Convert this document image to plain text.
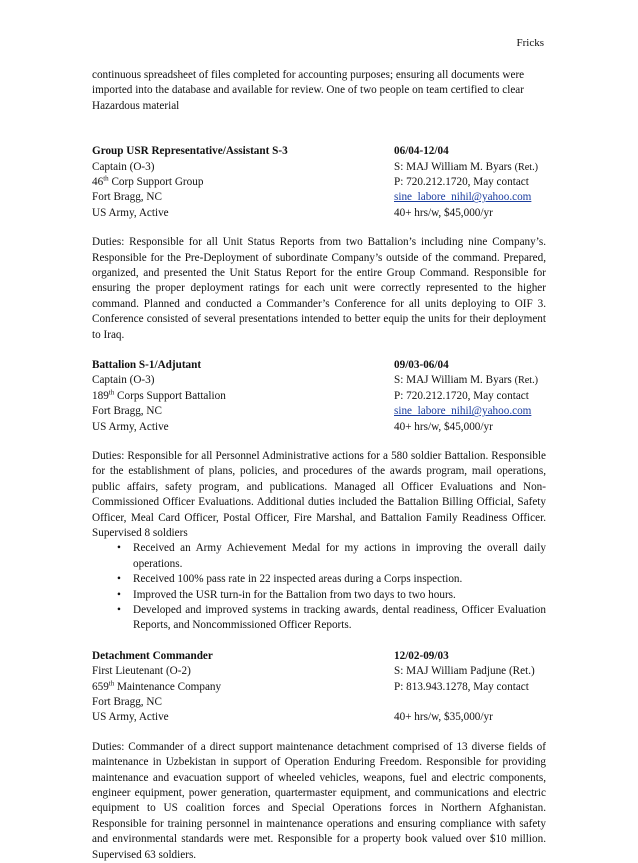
Fricks

continuous spreadsheet of files completed for accounting purposes; ensuring all documents were imported into the database and available for review. One of two people on team certified to clear Hazardous material

Group USR Representative/Assistant S-3	06/04-12/04
Captain (O-3)	S: MAJ William M. Byars (Ret.)
46th Corp Support Group	P: 720.212.1720, May contact
Fort Bragg, NC	sine_labore_nihil@yahoo.com
US Army, Active	40+ hrs/w, $45,000/yr

Duties: Responsible for all Unit Status Reports from two Battalion’s including nine Company’s. Responsible for the Pre-Deployment of subordinate Company’s outside of the command. Prepared, organized, and presented the Unit Status Report for the entire Group Command. Responsible for ensuring the proper deployment ratings for each unit were correctly represented to the higher command. Planned and conducted a Commander’s Conference for all units deploying to OIF 3. Conference consisted of several presentations intended to better equip the units for their deployment to Iraq.

Battalion S-1/Adjutant	09/03-06/04
Captain (O-3)	S: MAJ William M. Byars (Ret.)
189th Corps Support Battalion	P: 720.212.1720, May contact
Fort Bragg, NC	sine_labore_nihil@yahoo.com
US Army, Active	40+ hrs/w, $45,000/yr

Duties: Responsible for all Personnel Administrative actions for a 580 soldier Battalion. Responsible for the establishment of plans, policies, and procedures of the awards program, mail operations, public affairs, safety program, and publications. Managed all Officer Evaluations and Non-Commissioned Officer Evaluations. Additional duties included the Battalion Billing Official, Safety Officer, Meal Card Officer, Postal Officer, Fire Marshal, and Battalion Family Readiness Officer. Supervised 8 soldiers

• Received an Army Achievement Medal for my actions in improving the overall daily operations.
• Received 100% pass rate in 22 inspected areas during a Corps inspection.
• Improved the USR turn-in for the Battalion from two days to two hours.
• Developed and improved systems in tracking awards, dental readiness, Officer Evaluation Reports, and Noncommissioned Officer Reports.
Detachment Commander	12/02-09/03
First Lieutenant (O-2)	S: MAJ William Padjune (Ret.)
659th Maintenance Company	P: 813.943.1278, May contact
Fort Bragg, NC
US Army, Active	40+ hrs/w, $35,000/yr

Duties: Commander of a direct support maintenance detachment comprised of 13 diverse fields of maintenance in Uzbekistan in support of Operation Enduring Freedom. Responsible for providing maintenance and evacuation support of wheeled vehicles, weapons, fuel and electric components, engineer equipment, power generation, quartermaster equipment, and communications and electric equipment to US coalition forces and Special Operations forces in Northern Afghanistan. Responsible for training personnel in maintenance operations and ensuring compliance with safety and environmental standards were met. Responsible for a property book valued over $10 million. Supervised 63 soldiers.
